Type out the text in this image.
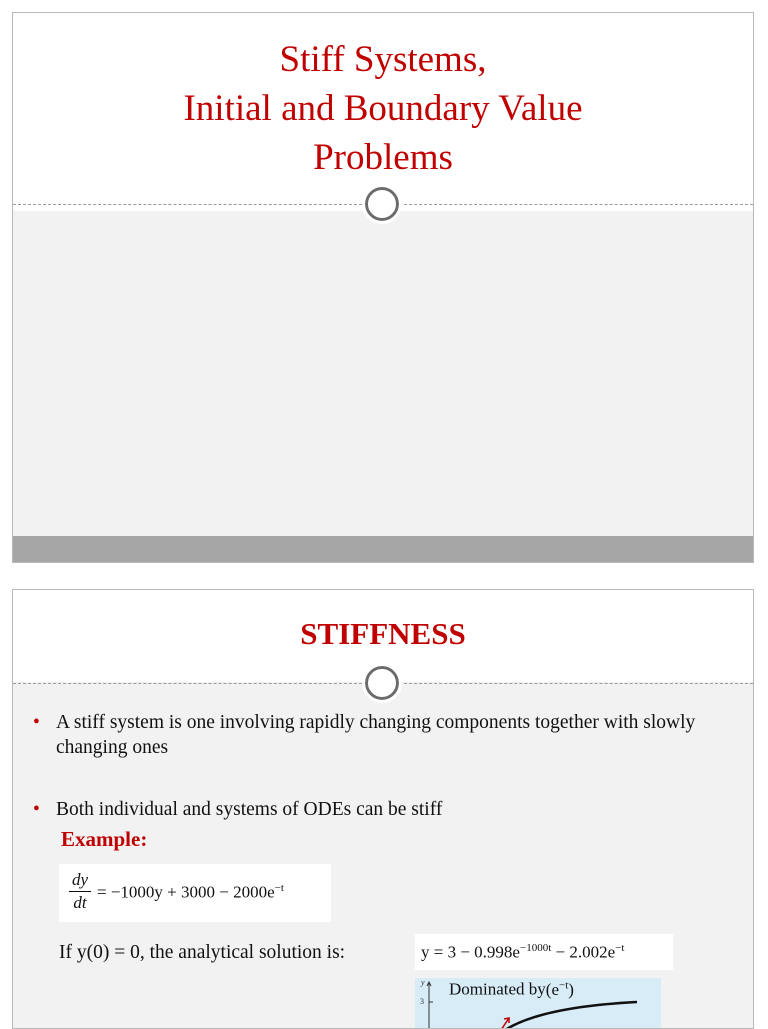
Stiff Systems,
Initial and Boundary Value
Problems
STIFFNESS
• A stiff system is one involving rapidly changing components together with slowly changing ones
• Both individual and systems of ODEs can be stiff
Example:
dy
dt
= $-1000y + 3000 - 2000e^{-t}$
If y(0) = 0, the analytical solution is:	$y = 3 - 0.998e^{-1000t} - 2.002e^{-t}$
y
3
Dominated $by(e^{-t})$
